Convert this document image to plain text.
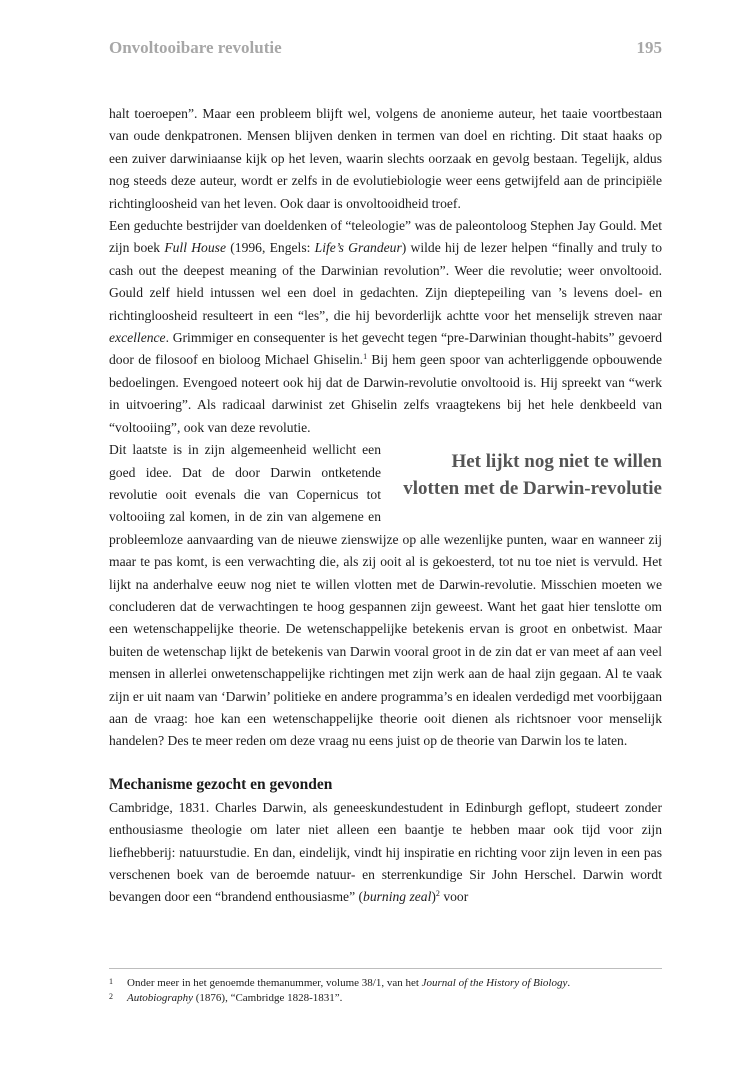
Onvoltooibare revolutie	195

halt toeroepen”. Maar een probleem blijft wel, volgens de anonieme auteur, het taaie voortbestaan van oude denkpatronen. Mensen blijven denken in termen van doel en richting. Dit staat haaks op een zuiver darwiniaanse kijk op het leven, waarin slechts oorzaak en gevolg bestaan. Tegelijk, aldus nog steeds deze auteur, wordt er zelfs in de evolutiebiologie weer eens getwijfeld aan de principiële richtingloosheid van het leven. Ook daar is onvoltooidheid troef.

Een geduchte bestrijder van doeldenken of “teleologie” was de paleontoloog Stephen Jay Gould. Met zijn boek Full House (1996, Engels: Life’s Grandeur) wilde hij de lezer helpen “finally and truly to cash out the deepest meaning of the Darwinian revolution”. Weer die revolutie; weer onvoltooid. Gould zelf hield intussen wel een doel in gedachten. Zijn dieptepeiling van ’s levens doel- en richtingloosheid resulteert in een “les”, die hij bevorderlijk achtte voor het menselijk streven naar excellence. Grimmiger en consequenter is het gevecht tegen “pre-Darwinian thought-habits” gevoerd door de filosoof en bioloog Michael Ghiselin.$^1$ Bij hem geen spoor van achterliggende opbouwende bedoelingen. Evengoed noteert ook hij dat de Darwin-revolutie onvoltooid is. Hij spreekt van “werk in uitvoering”. Als radicaal darwinist zet Ghiselin zelfs vraagtekens bij het hele denkbeeld van “voltooiing”, ook van deze revolutie.

Het lijkt nog niet te willen vlotten met de Darwin-revolutie

Dit laatste is in zijn algemeenheid wellicht een goed idee. Dat de door Darwin ontketende revolutie ooit evenals die van Copernicus tot voltooiing zal komen, in de zin van algemene en probleemloze aanvaarding van de nieuwe zienswijze op alle wezenlijke punten, waar en wanneer zij maar te pas komt, is een verwachting die, als zij ooit al is gekoesterd, tot nu toe niet is vervuld. Het lijkt na anderhalve eeuw nog niet te willen vlotten met de Darwin-revolutie. Misschien moeten we concluderen dat de verwachtingen te hoog gespannen zijn geweest. Want het gaat hier tenslotte om een wetenschappelijke theorie. De wetenschappelijke betekenis ervan is groot en onbetwist. Maar buiten de wetenschap lijkt de betekenis van Darwin vooral groot in de zin dat er van meet af aan veel mensen in allerlei onwetenschappelijke richtingen met zijn werk aan de haal zijn gegaan. Al te vaak zijn er uit naam van ‘Darwin’ politieke en andere programma’s en idealen verdedigd met voorbijgaan aan de vraag: hoe kan een wetenschappelijke theorie ooit dienen als richtsnoer voor menselijk handelen? Des te meer reden om deze vraag nu eens juist op de theorie van Darwin los te laten.

Mechanisme gezocht en gevonden

Cambridge, 1831. Charles Darwin, als geneeskundestudent in Edinburgh geflopt, studeert zonder enthousiasme theologie om later niet alleen een baantje te hebben maar ook tijd voor zijn liefhebberij: natuurstudie. En dan, eindelijk, vindt hij inspiratie en richting voor zijn leven in een pas verschenen boek van de beroemde natuur- en sterrenkundige Sir John Herschel. Darwin wordt bevangen door een “brandend enthousiasme” (burning zeal)$^2$ voor

1 Onder meer in het genoemde themanummer, volume 38/1, van het Journal of the History of Biology.

2 Autobiography (1876), “Cambridge 1828-1831”.
